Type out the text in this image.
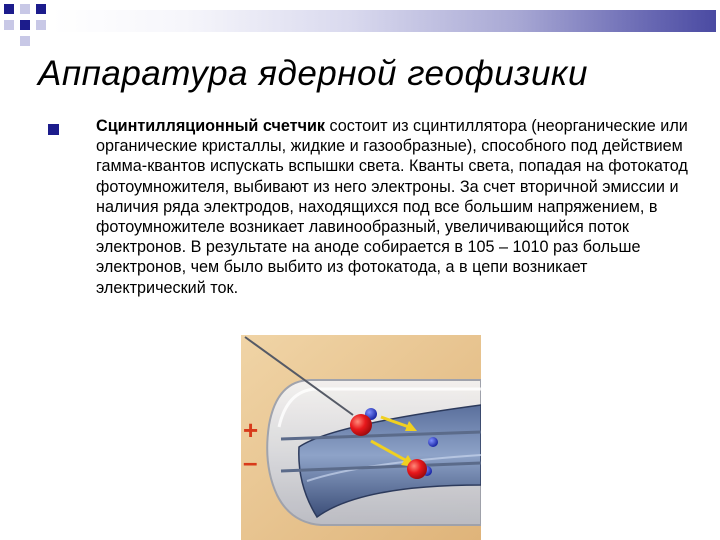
Аппаратура ядерной геофизики

Сцинтилляционный счетчик состоит из сцинтиллятора (неорганические или органические кристаллы, жидкие и газообразные), способного под действием гамма-квантов испускать вспышки света. Кванты света, попадая на фотокатод фотоумножителя, выбивают из него электроны. За счет вторичной эмиссии и наличия ряда электродов, находящихся под все большим напряжением, в фотоумножителе возникает лавинообразный, увеличивающийся поток электронов. В результате на аноде собирается в 105 – 1010 раз больше электронов, чем было выбито из фотокатода, а в цепи возникает электрический ток.

+
–
